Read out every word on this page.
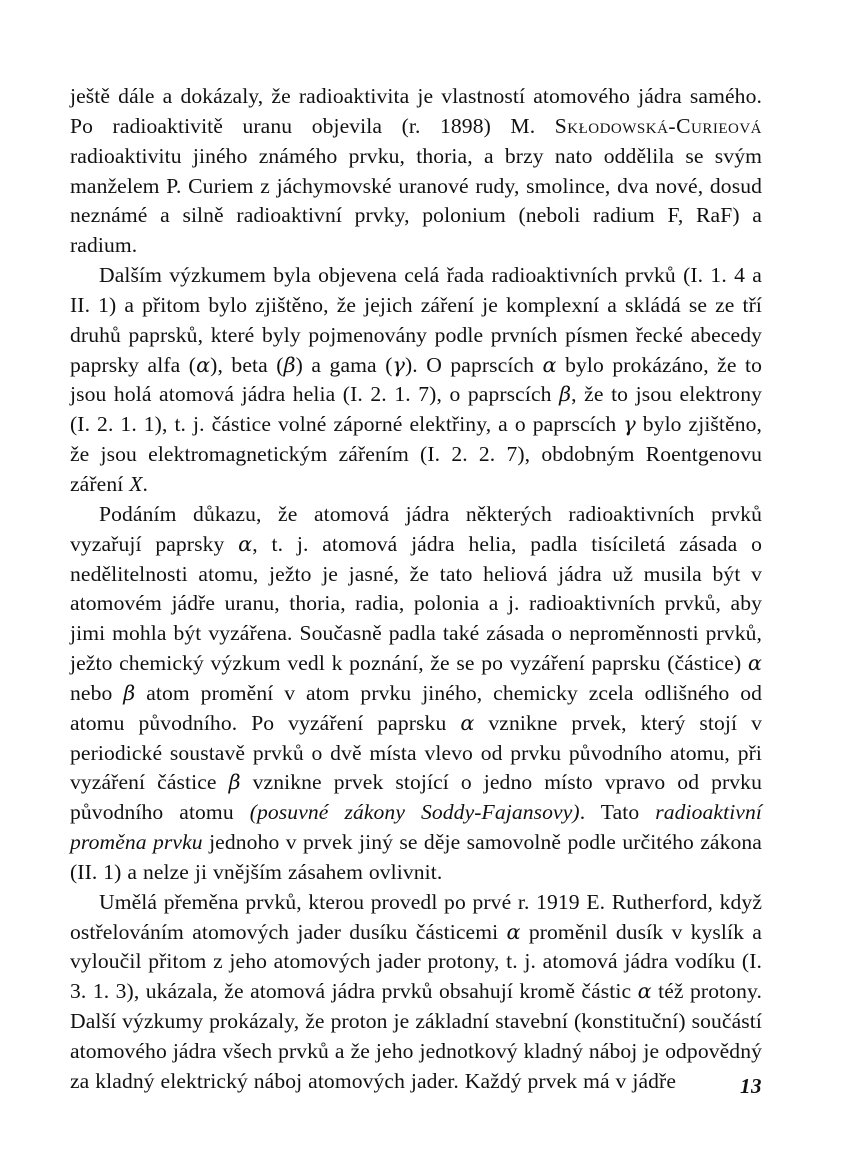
ještě dále a dokázaly, že radioaktivita je vlastností atomového jádra samého. Po radioaktivitě uranu objevila (r. 1898) M. Skłodowská-Curieová radioaktivitu jiného známého prvku, thoria, a brzy nato oddělila se svým manželem P. Curiem z jáchymovské uranové rudy, smolince, dva nové, dosud neznámé a silně radioaktivní prvky, polonium (neboli radium F, RaF) a radium.

Dalším výzkumem byla objevena celá řada radioaktivních prvků (I. 1. 4 a II. 1) a přitom bylo zjištěno, že jejich záření je komplexní a skládá se ze tří druhů paprsků, které byly pojmenovány podle prvních písmen řecké abecedy paprsky alfa (α), beta (β) a gama (γ). O paprscích α bylo prokázáno, že to jsou holá atomová jádra helia (I. 2. 1. 7), o paprscích β, že to jsou elektrony (I. 2. 1. 1), t. j. částice volné záporné elektřiny, a o paprscích γ bylo zjištěno, že jsou elektromagnetickým zářením (I. 2. 2. 7), obdobným Roentgenovu záření X.

Podáním důkazu, že atomová jádra některých radioaktivních prvků vyzařují paprsky α, t. j. atomová jádra helia, padla tisíciletá zásada o nedělitelnosti atomu, ježto je jasné, že tato heliová jádra už musila být v atomovém jádře uranu, thoria, radia, polonia a j. radioaktivních prvků, aby jimi mohla být vyzářena. Současně padla také zásada o neproměnnosti prvků, ježto chemický výzkum vedl k poznání, že se po vyzáření paprsku (částice) α nebo β atom promění v atom prvku jiného, chemicky zcela odlišného od atomu původního. Po vyzáření paprsku α vznikne prvek, který stojí v periodické soustavě prvků o dvě místa vlevo od prvku původního atomu, při vyzáření částice β vznikne prvek stojící o jedno místo vpravo od prvku původního atomu (posuvné zákony Soddy-Fajansovy). Tato radioaktivní proměna prvku jednoho v prvek jiný se děje samovolně podle určitého zákona (II. 1) a nelze ji vnějším zásahem ovlivnit.

Umělá přeměna prvků, kterou provedl po prvé r. 1919 E. Rutherford, když ostřelováním atomových jader dusíku částicemi α proměnil dusík v kyslík a vyloučil přitom z jeho atomových jader protony, t. j. atomová jádra vodíku (I. 3. 1. 3), ukázala, že atomová jádra prvků obsahují kromě částic α též protony. Další výzkumy prokázaly, že proton je základní stavební (konstituční) součástí atomového jádra všech prvků a že jeho jednotkový kladný náboj je odpovědný za kladný elektrický náboj atomových jader. Každý prvek má v jádře	13
